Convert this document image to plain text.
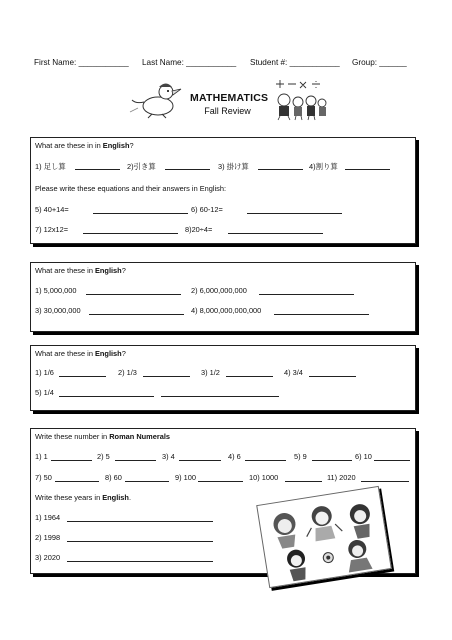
First Name: ___________ Last Name: ___________ Student #: ___________ Group: ______
MATHEMATICS
Fall Review
What are these in in English?
1) 足し算	2)引き算	3) 掛け算	4)割り算
Please write these equations and their answers in English:
5) 40+14=	6) 60-12=
7) 12x12=	8)20÷4=
What are these in English?
1) 5,000,000	2) 6,000,000,000
3) 30,000,000	4) 8,000,000,000,000
What are these in English?
1) 1/6	2) 1/3	3) 1/2	4) 3/4
5) 1/4
Write these number in Roman Numerals
1) 1	2) 5	3) 4	4) 6	5) 9	6) 10
7) 50	8) 60	9) 100	10) 1000	11) 2020
Write these years in English.
1) 1964
2) 1998
3) 2020
